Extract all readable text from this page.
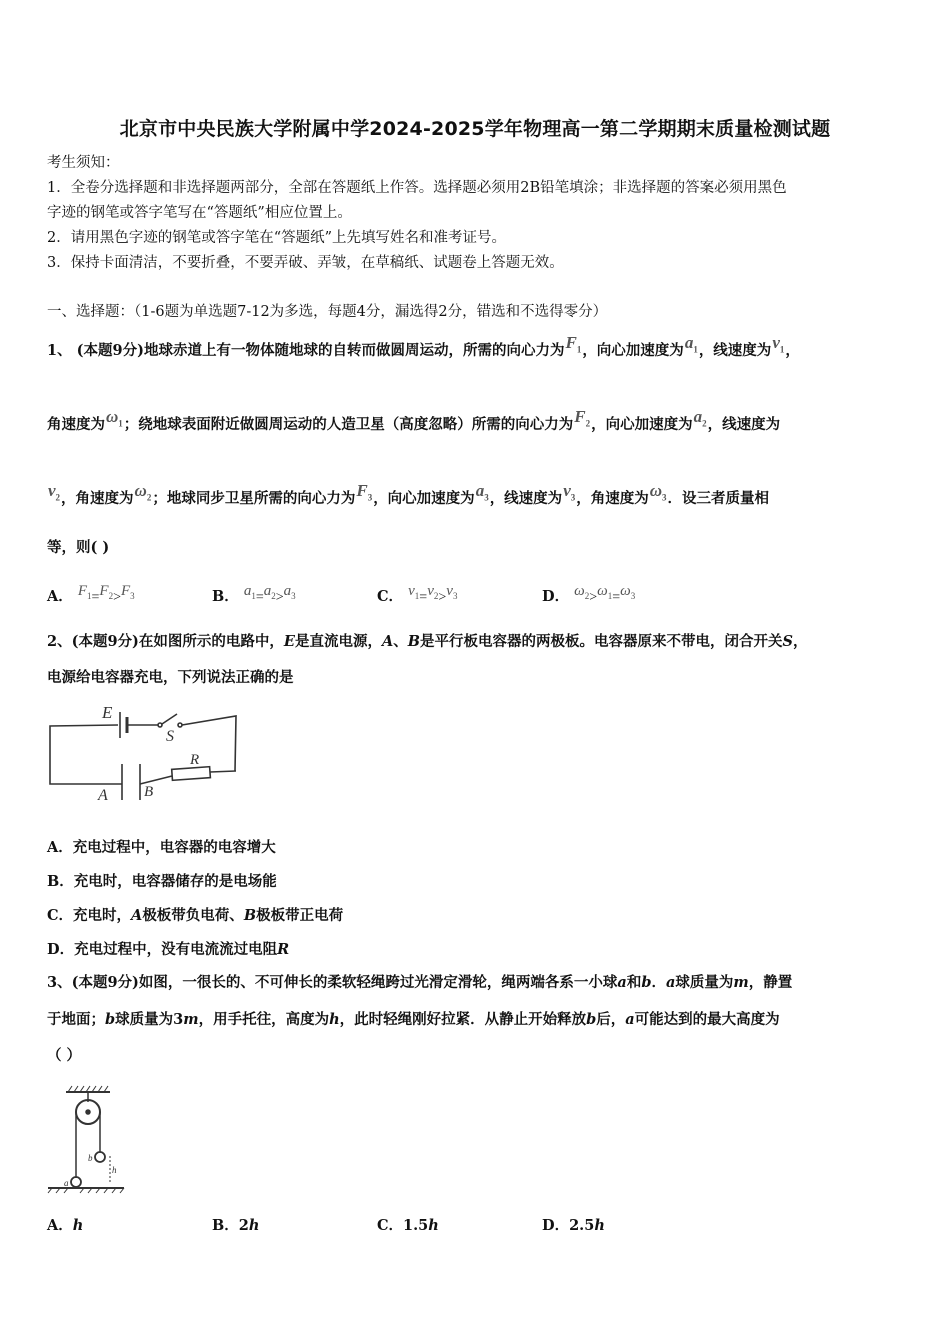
北京市中央民族大学附属中学2024-2025学年物理高一第二学期期末质量检测试题
考生须知：
1．全卷分选择题和非选择题两部分，全部在答题纸上作答。选择题必须用2B铅笔填涂；非选择题的答案必须用黑色
字迹的钢笔或答字笔写在“答题纸”相应位置上。
2．请用黑色字迹的钢笔或答字笔在“答题纸”上先填写姓名和准考证号。
3．保持卡面清洁，不要折叠，不要弄破、弄皱，在草稿纸、试题卷上答题无效。
一、选择题：（1-6题为单选题7-12为多选，每题4分，漏选得2分，错选和不选得零分）
1、 (本题9分)地球赤道上有一物体随地球的自转而做圆周运动，所需的向心力为$F_1$，向心加速度为$a_1$，线速度为$v_1$，
角速度为$\omega_1$；绕地球表面附近做圆周运动的人造卫星（高度忽略）所需的向心力为$F_2$，向心加速度为$a_2$，线速度为
$v_2$，角速度为$\omega_2$；地球同步卫星所需的向心力为$F_3$，向心加速度为$a_3$，线速度为$v_3$，角速度为$\omega_3$．设三者质量相
等，则( )
A． $F_1=F_2>F_3$	B． $a_1=a_2>a_3$	C． $v_1=v_2>v_3$	D． $\omega_2>\omega_1=\omega_3$
2、(本题9分)在如图所示的电路中，E是直流电源，A、B是平行板电容器的两极板。电容器原来不带电，闭合开关S，
电源给电容器充电，下列说法正确的是
E
S
R
A B
A．充电过程中，电容器的电容增大
B．充电时，电容器储存的是电场能
C．充电时，A极板带负电荷、B极板带正电荷
D．充电过程中，没有电流流过电阻R
3、(本题9分)如图，一很长的、不可伸长的柔软轻绳跨过光滑定滑轮，绳两端各系一小球a和b．a球质量为m，静置
于地面；b球质量为3m，用手托往，高度为h，此时轻绳刚好拉紧．从静止开始释放b后，a可能达到的最大高度为
（ ）
b
h
a
A．h	B．2h	C．1.5h	D．2.5h
